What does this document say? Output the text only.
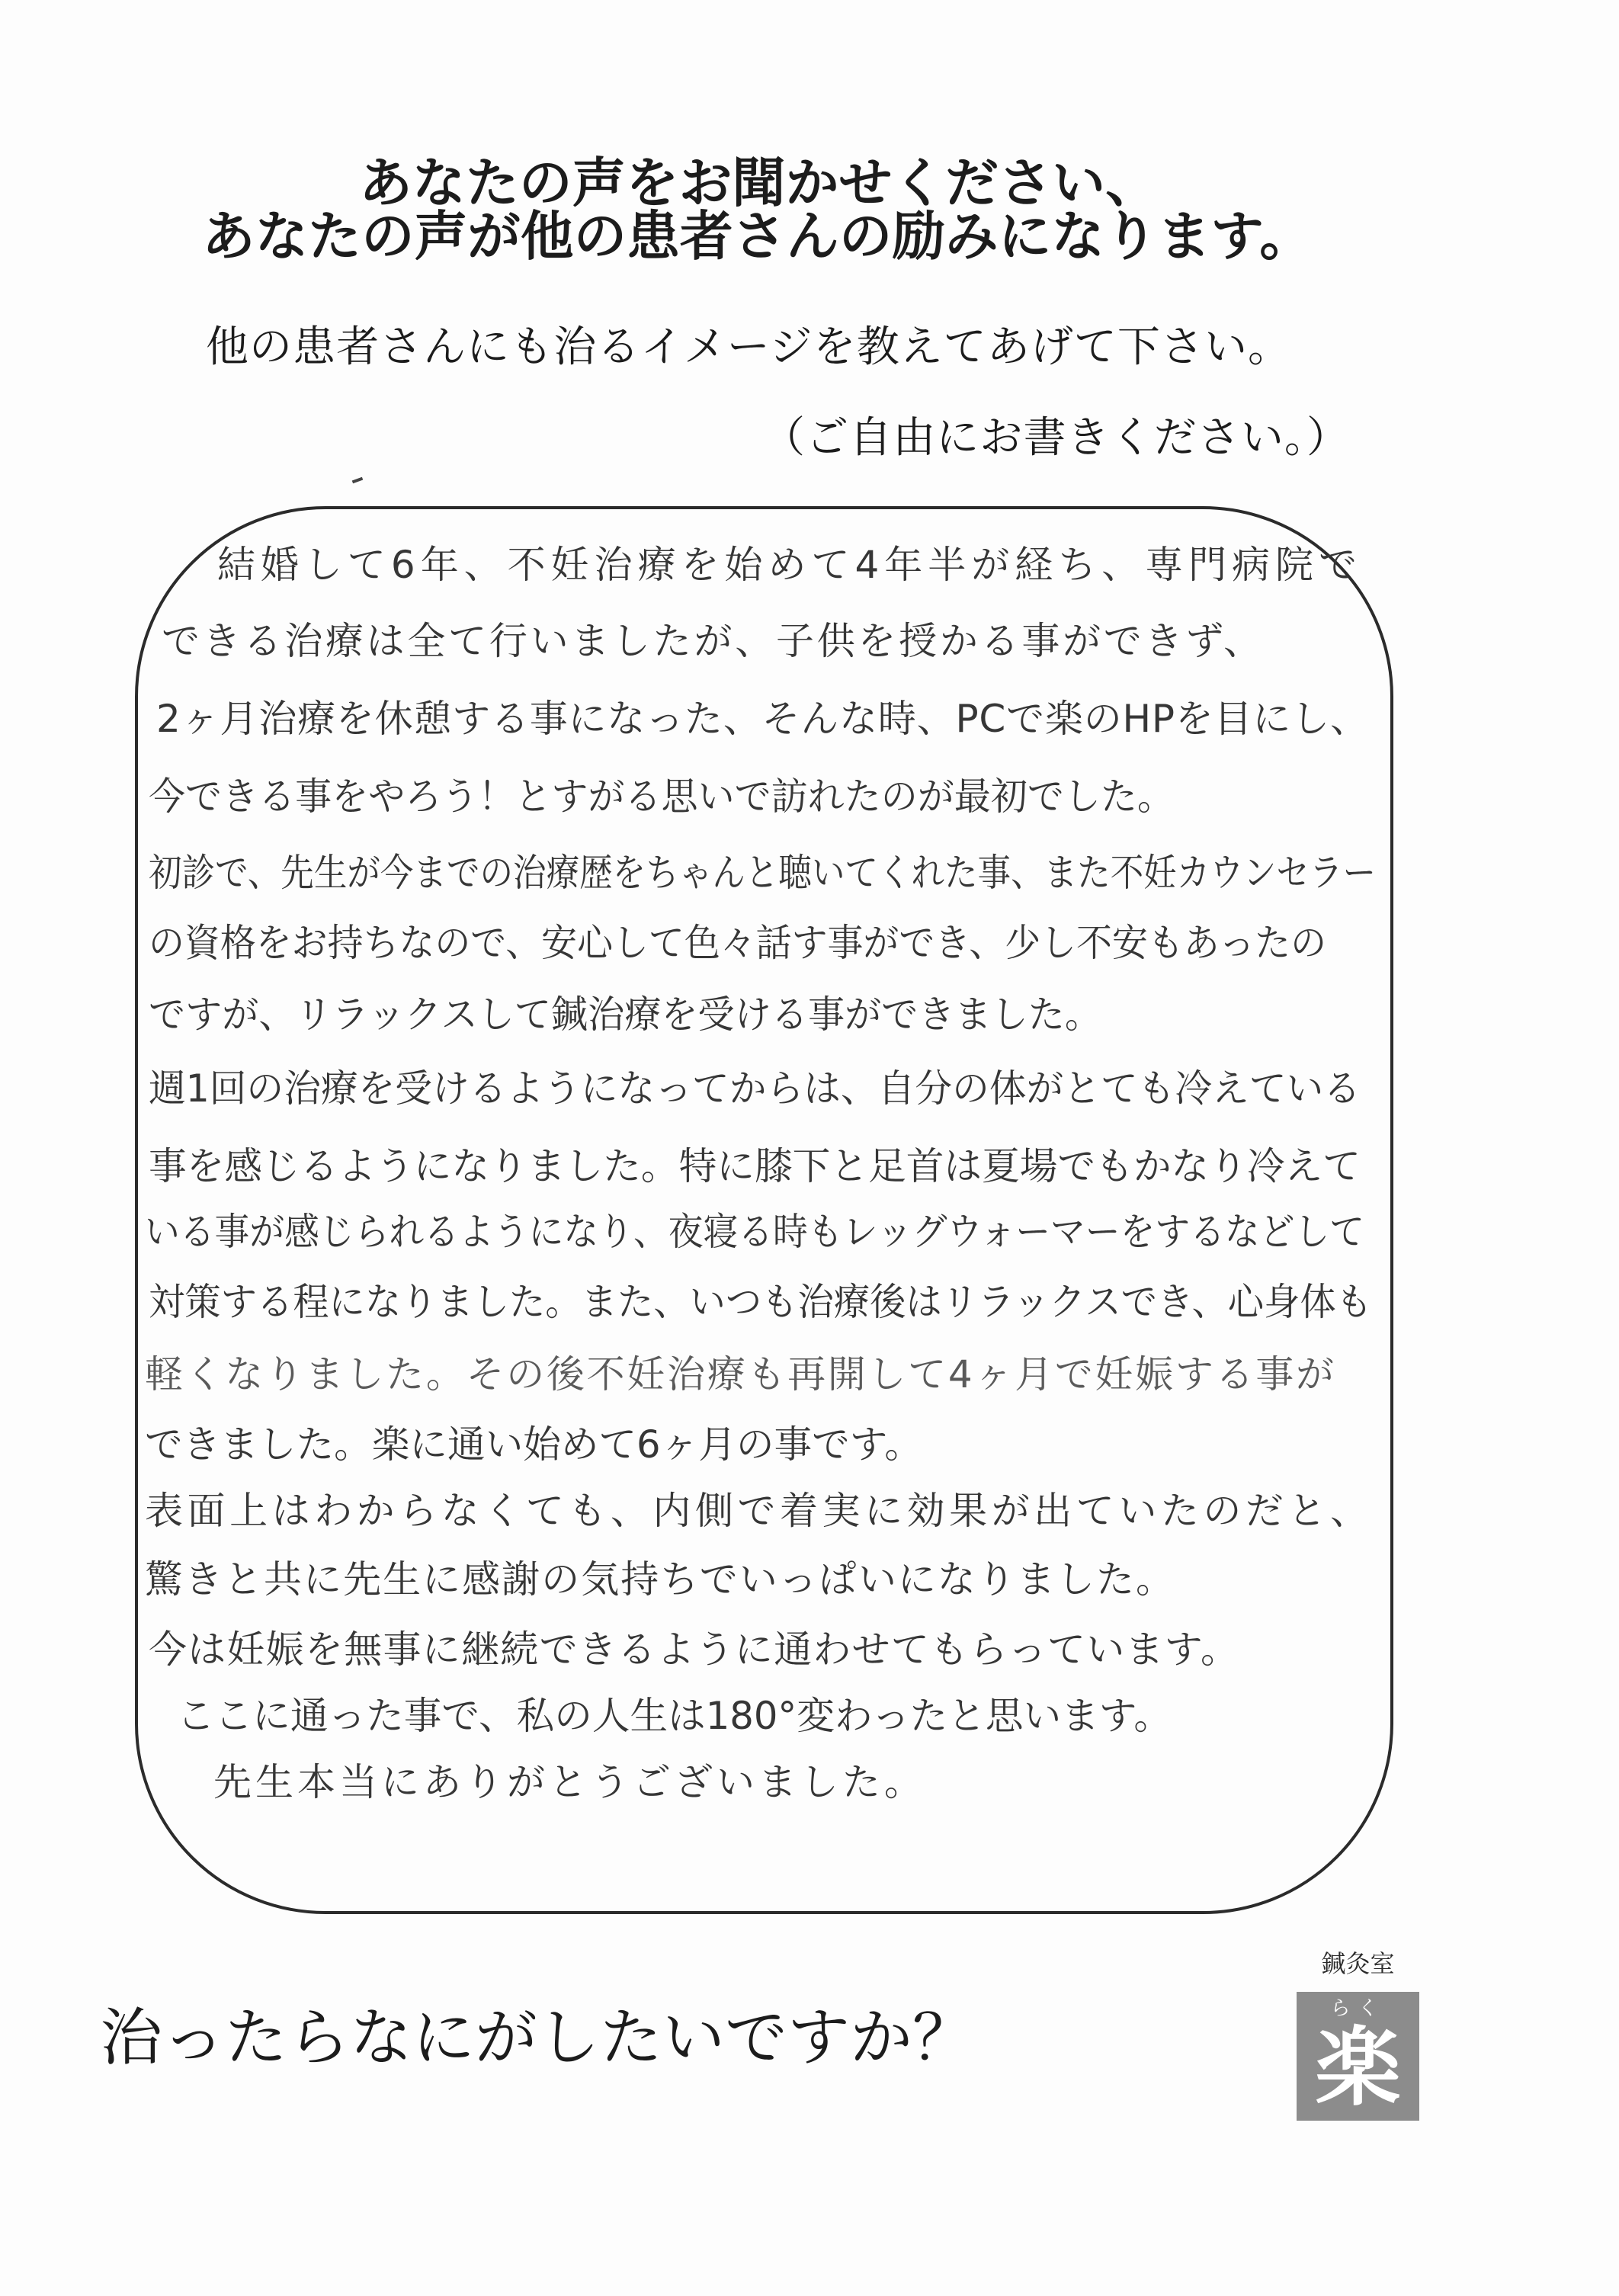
あなたの声をお聞かせください、
あなたの声が他の患者さんの励みになります。
他の患者さんにも治るイメージを教えてあげて下さい。
（ご自由にお書きください。）
結婚して6年、不妊治療を始めて4年半が経ち、専門病院で
できる治療は全て行いましたが、子供を授かる事ができず、
2ヶ月治療を休憩する事になった、そんな時、PCで楽のHPを目にし、
今できる事をやろう！とすがる思いで訪れたのが最初でした。
初診で、先生が今までの治療歴をちゃんと聴いてくれた事、また不妊カウンセラー
の資格をお持ちなので、安心して色々話す事ができ、少し不安もあったの
ですが、リラックスして鍼治療を受ける事ができました。
週1回の治療を受けるようになってからは、自分の体がとても冷えている
事を感じるようになりました。特に膝下と足首は夏場でもかなり冷えて
いる事が感じられるようになり、夜寝る時もレッグウォーマーをするなどして
対策する程になりました。また、いつも治療後はリラックスでき、心身体も
軽くなりました。その後不妊治療も再開して4ヶ月で妊娠する事が
できました。楽に通い始めて6ヶ月の事です。
表面上はわからなくても、内側で着実に効果が出ていたのだと、
驚きと共に先生に感謝の気持ちでいっぱいになりました。
今は妊娠を無事に継続できるように通わせてもらっています。
ここに通った事で、私の人生は180°変わったと思います。
先生本当にありがとうございました。
治ったらなにがしたいですか？
鍼灸室
らく
楽
